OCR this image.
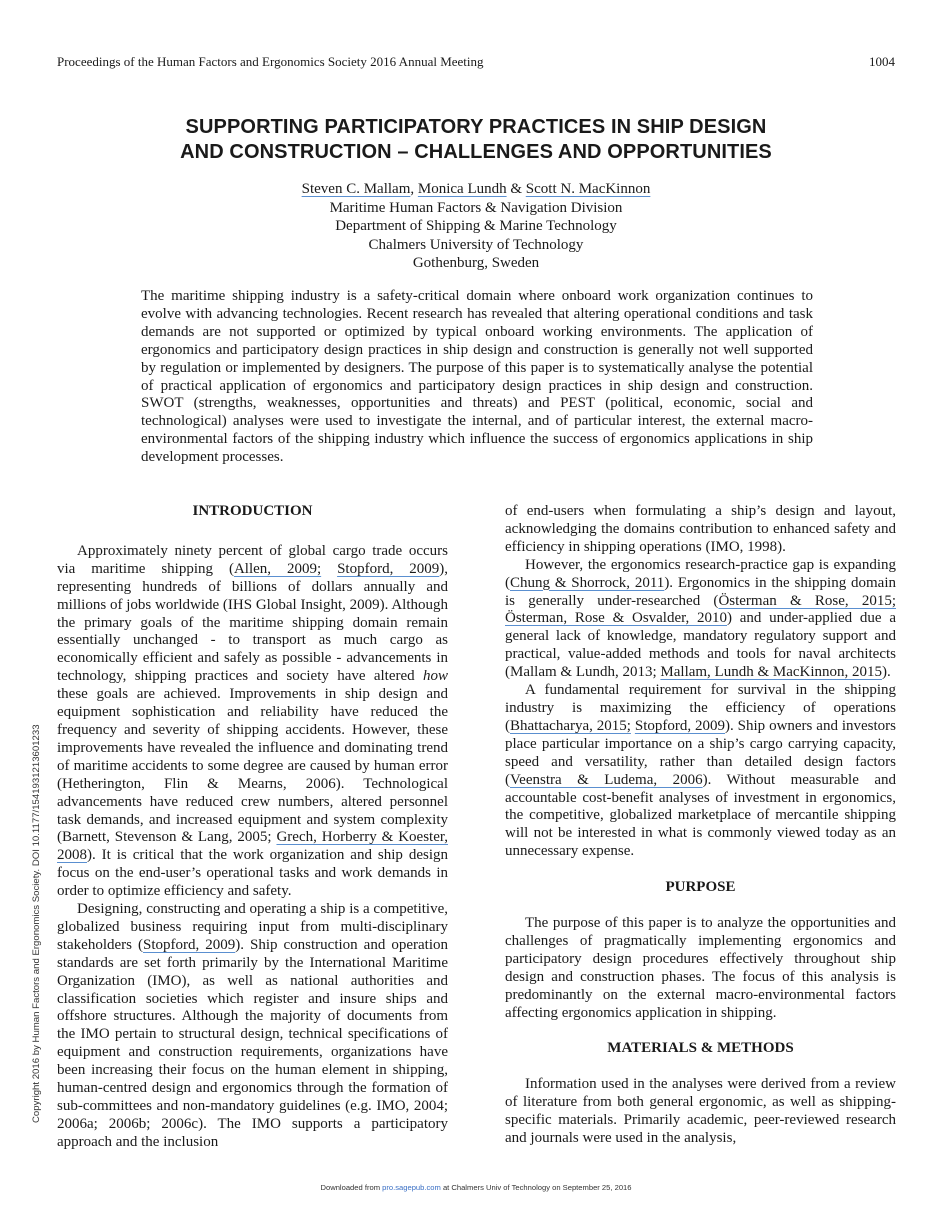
Proceedings of the Human Factors and Ergonomics Society 2016 Annual Meeting	1004
SUPPORTING PARTICIPATORY PRACTICES IN SHIP DESIGN
AND CONSTRUCTION – CHALLENGES AND OPPORTUNITIES
Steven C. Mallam, Monica Lundh & Scott N. MacKinnon
Maritime Human Factors & Navigation Division
Department of Shipping & Marine Technology
Chalmers University of Technology
Gothenburg, Sweden
The maritime shipping industry is a safety-critical domain where onboard work organization continues to evolve with advancing technologies. Recent research has revealed that altering operational conditions and task demands are not supported or optimized by typical onboard working environments. The application of ergonomics and participatory design practices in ship design and construction is generally not well supported by regulation or implemented by designers. The purpose of this paper is to systematically analyse the potential of practical application of ergonomics and participatory design practices in ship design and construction. SWOT (strengths, weaknesses, opportunities and threats) and PEST (political, economic, social and technological) analyses were used to investigate the internal, and of particular interest, the external macro-environmental factors of the shipping industry which influence the success of ergonomics applications in ship development processes.
INTRODUCTION

Approximately ninety percent of global cargo trade occurs via maritime shipping (Allen, 2009; Stopford, 2009), representing hundreds of billions of dollars annually and millions of jobs worldwide (IHS Global Insight, 2009). Although the primary goals of the maritime shipping domain remain essentially unchanged - to transport as much cargo as economically efficient and safely as possible - advancements in technology, shipping practices and society have altered how these goals are achieved. Improvements in ship design and equipment sophistication and reliability have reduced the frequency and severity of shipping accidents. However, these improvements have revealed the influence and dominating trend of maritime accidents to some degree are caused by human error (Hetherington, Flin & Mearns, 2006). Technological advancements have reduced crew numbers, altered personnel task demands, and increased equipment and system complexity (Barnett, Stevenson & Lang, 2005; Grech, Horberry & Koester, 2008). It is critical that the work organization and ship design focus on the end-user’s operational tasks and work demands in order to optimize efficiency and safety.

Designing, constructing and operating a ship is a competitive, globalized business requiring input from multi-disciplinary stakeholders (Stopford, 2009). Ship construction and operation standards are set forth primarily by the International Maritime Organization (IMO), as well as national authorities and classification societies which register and insure ships and offshore structures. Although the majority of documents from the IMO pertain to structural design, technical specifications of equipment and construction requirements, organizations have been increasing their focus on the human element in shipping, human-centred design and ergonomics through the formation of sub-committees and non-mandatory guidelines (e.g. IMO, 2004; 2006a; 2006b; 2006c). The IMO supports a participatory approach and the inclusion

of end-users when formulating a ship’s design and layout, acknowledging the domains contribution to enhanced safety and efficiency in shipping operations (IMO, 1998).

However, the ergonomics research-practice gap is expanding (Chung & Shorrock, 2011). Ergonomics in the shipping domain is generally under-researched (Österman & Rose, 2015; Österman, Rose & Osvalder, 2010) and under-applied due a general lack of knowledge, mandatory regulatory support and practical, value-added methods and tools for naval architects (Mallam & Lundh, 2013; Mallam, Lundh & MacKinnon, 2015).

A fundamental requirement for survival in the shipping industry is maximizing the efficiency of operations (Bhattacharya, 2015; Stopford, 2009). Ship owners and investors place particular importance on a ship’s cargo carrying capacity, speed and versatility, rather than detailed design factors (Veenstra & Ludema, 2006). Without measurable and accountable cost-benefit analyses of investment in ergonomics, the competitive, globalized marketplace of mercantile shipping will not be interested in what is commonly viewed today as an unnecessary expense.

PURPOSE

The purpose of this paper is to analyze the opportunities and challenges of pragmatically implementing ergonomics and participatory design procedures effectively throughout ship design and construction phases. The focus of this analysis is predominantly on the external macro-environmental factors affecting ergonomics application in shipping.

MATERIALS & METHODS

Information used in the analyses were derived from a review of literature from both general ergonomic, as well as shipping-specific materials. Primarily academic, peer-reviewed research and journals were used in the analysis,

Copyright 2016 by Human Factors and Ergonomics Society. DOI 10.1177/1541931213601233
Downloaded from pro.sagepub.com at Chalmers Univ of Technology on September 25, 2016
